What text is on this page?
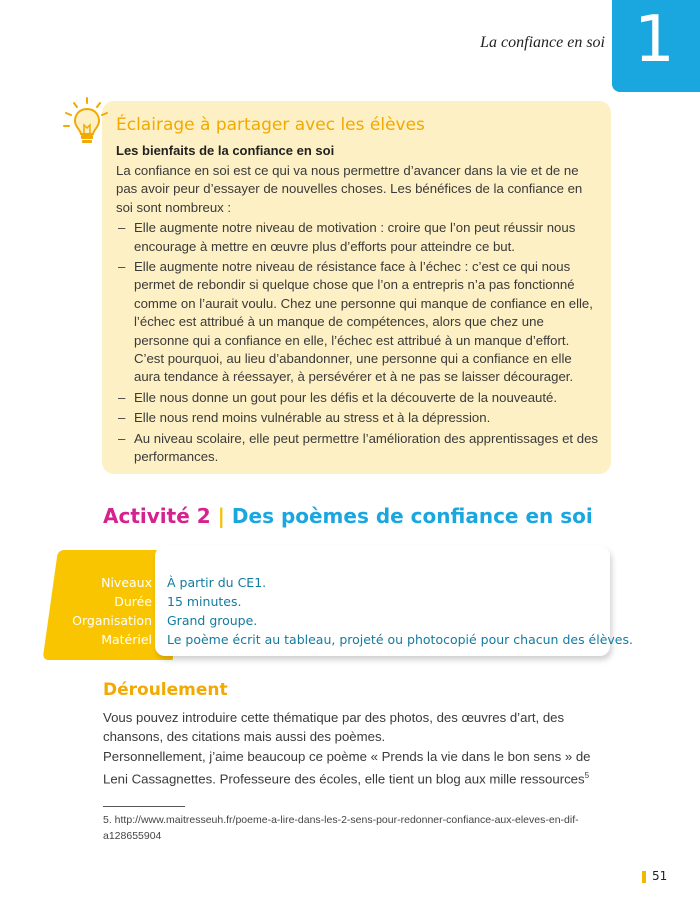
La confiance en soi 1
Éclairage à partager avec les élèves
Les bienfaits de la confiance en soi

La confiance en soi est ce qui va nous permettre d’avancer dans la vie et de ne pas avoir peur d’essayer de nouvelles choses. Les bénéfices de la confiance en soi sont nombreux :

– Elle augmente notre niveau de motivation : croire que l’on peut réussir nous encourage à mettre en œuvre plus d’efforts pour atteindre ce but.
– Elle augmente notre niveau de résistance face à l’échec : c’est ce qui nous permet de rebondir si quelque chose que l’on a entrepris n’a pas fonctionné comme on l’aurait voulu. Chez une personne qui manque de confiance en elle, l’échec est attribué à un manque de compétences, alors que chez une personne qui a confiance en elle, l’échec est attribué à un manque d’effort. C’est pourquoi, au lieu d’abandonner, une personne qui a confiance en elle aura tendance à réessayer, à persévérer et à ne pas se laisser décourager.
– Elle nous donne un gout pour les défis et la découverte de la nouveauté.
– Elle nous rend moins vulnérable au stress et à la dépression.
– Au niveau scolaire, elle peut permettre l’amélioration des apprentissages et des performances.
Activité 2 | Des poèmes de confiance en soi
Niveaux
Durée
Organisation
Matériel
À partir du CE1.
15 minutes.
Grand groupe.
Le poème écrit au tableau, projeté ou photocopié pour chacun des élèves.
Déroulement

Vous pouvez introduire cette thématique par des photos, des œuvres d’art, des chansons, des citations mais aussi des poèmes.

Personnellement, j’aime beaucoup ce poème « Prends la vie dans le bon sens » de Leni Cassagnettes. Professeure des écoles, elle tient un blog aux mille ressources$^5$

5. http://www.maitresseuh.fr/poeme-a-lire-dans-les-2-sens-pour-redonner-confiance-aux-eleves-en-dif-a128655904
51
